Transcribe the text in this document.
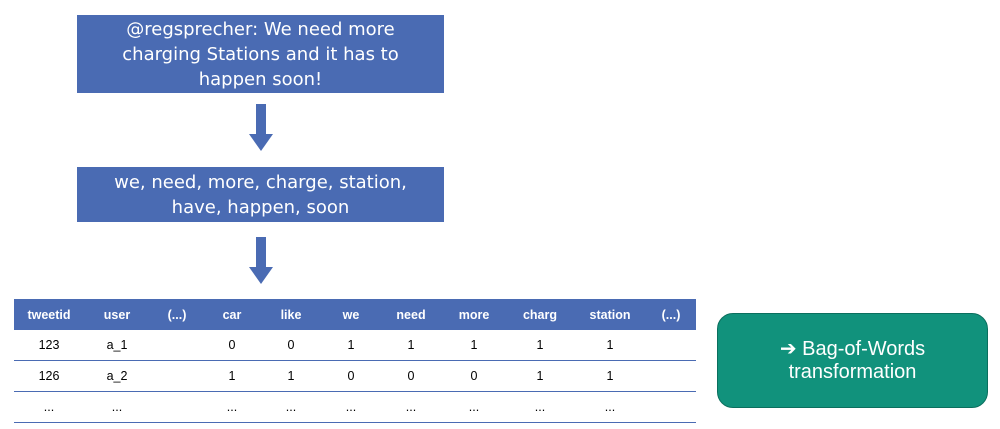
@regsprecher: We need more charging Stations and it has to happen soon!
we, need, more, charge, station, have, happen, soon
tweetid	user	(...)	car	like	we	need	more	charg	station	(...)
123	a_1		0	0	1	1	1	1	1	
126	a_2		1	1	0	0	0	1	1	
...	...		...	...	...	...	...	...	...	
➔ Bag-of-Words
transformation
